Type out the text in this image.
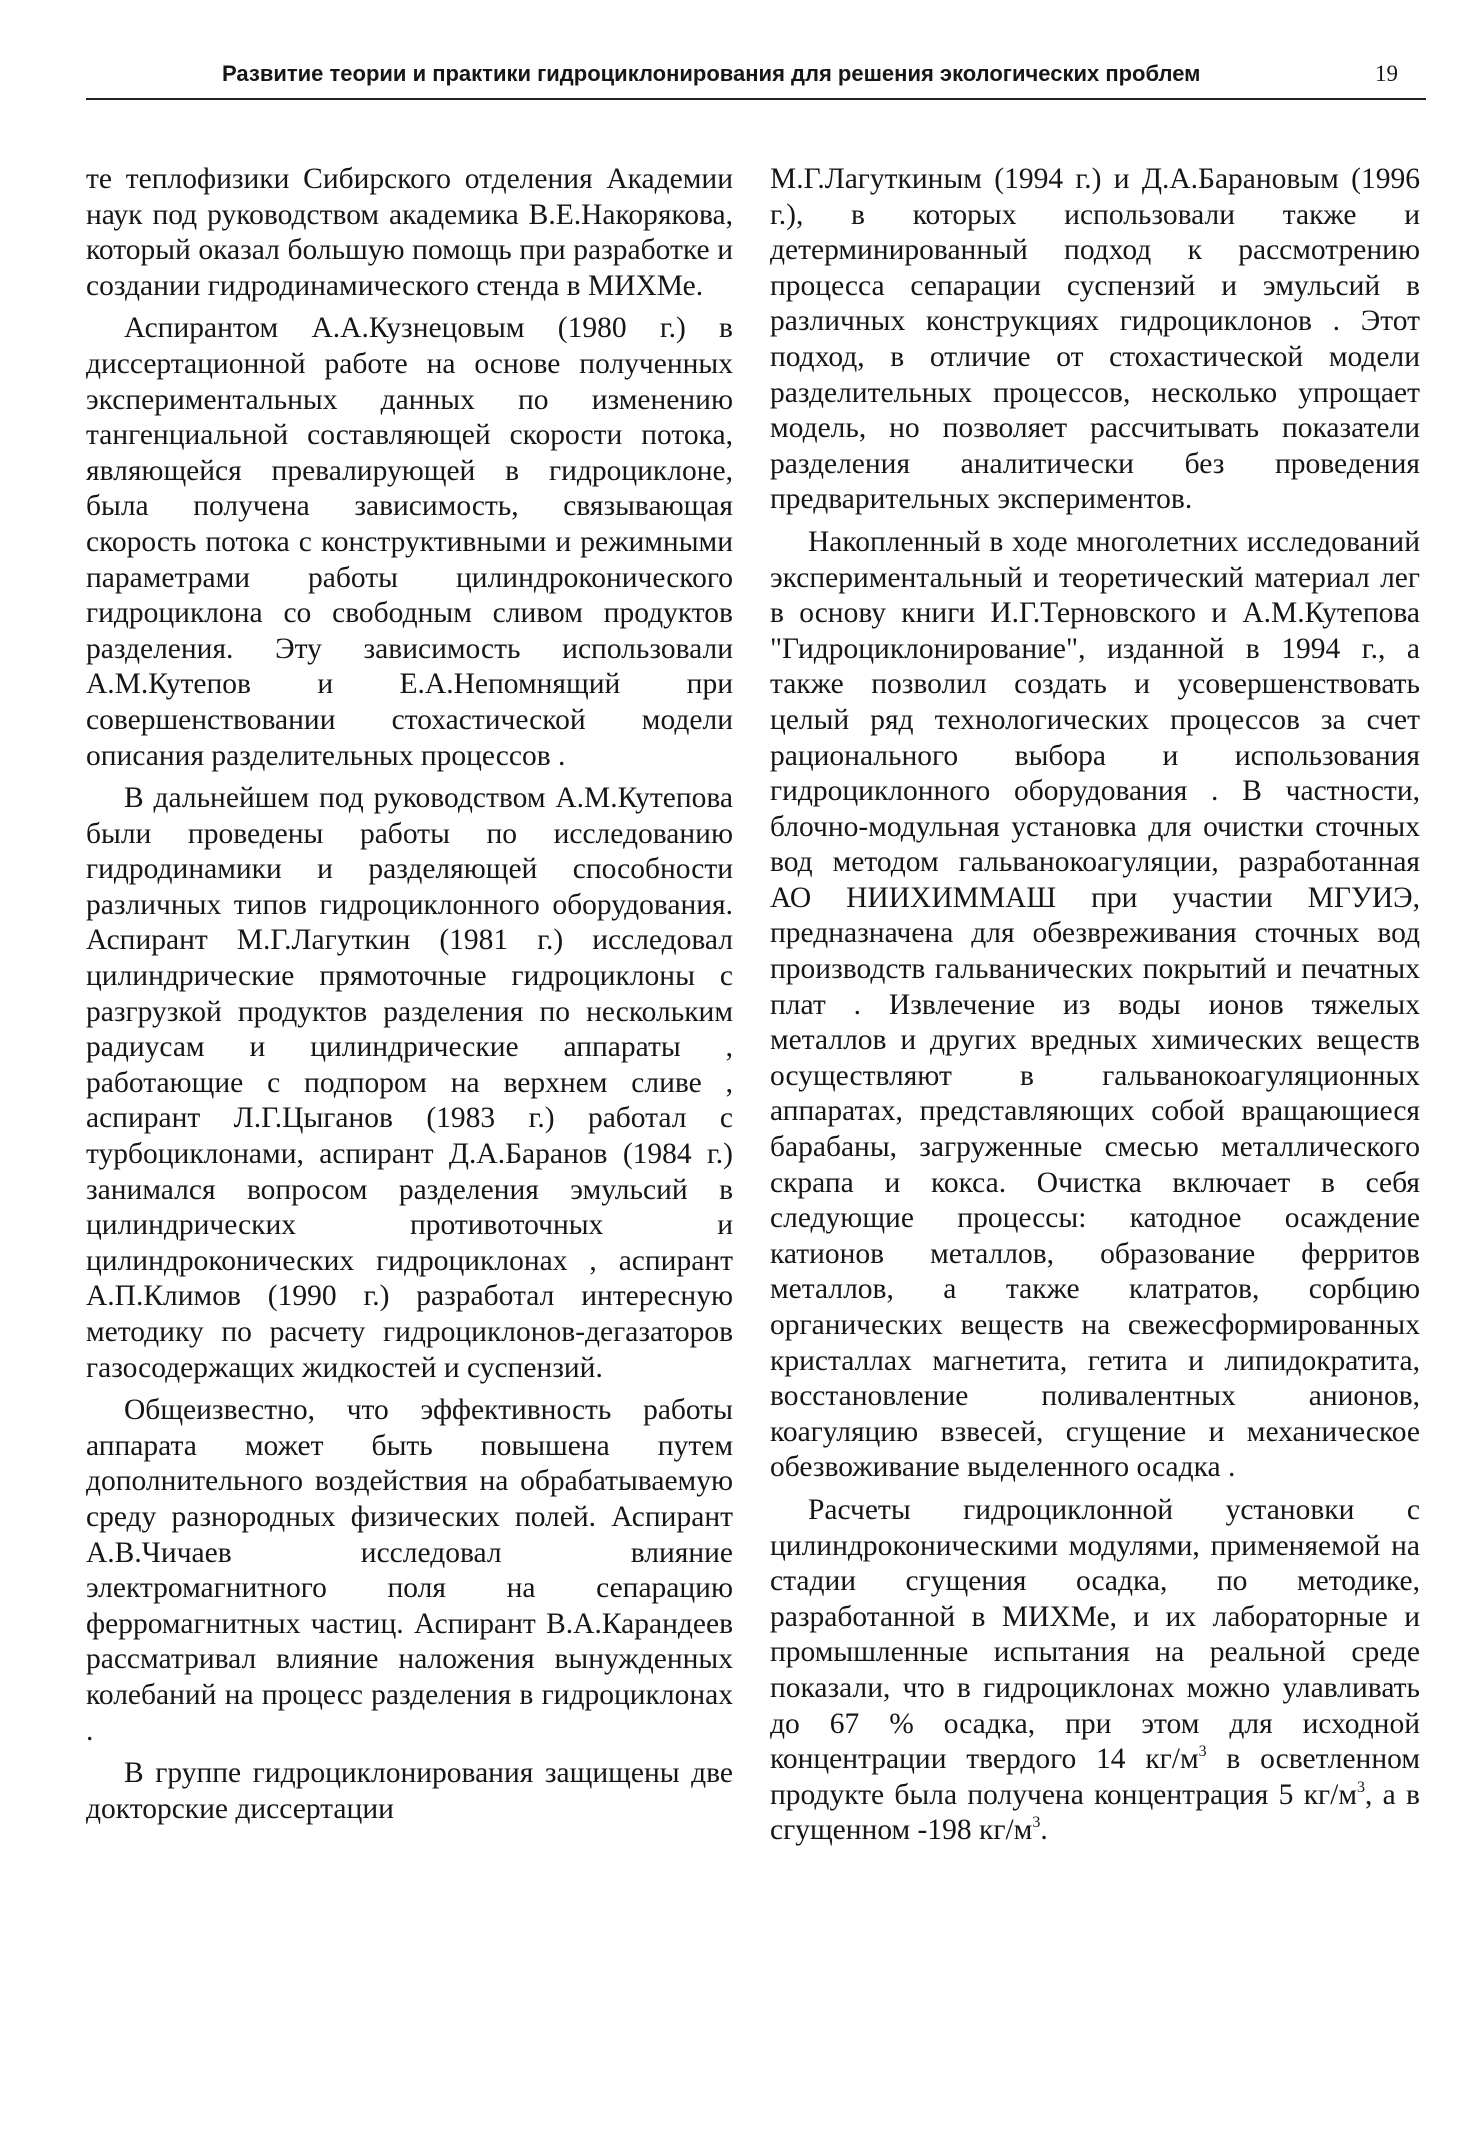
Развитие теории и практики гидроциклонирования для решения экологических проблем	19

те теплофизики Сибирского отделения Академии наук под руководством академика В.Е.Накорякова, который оказал большую помощь при разработке и создании гидродинамического стенда в МИХМе.

Аспирантом А.А.Кузнецовым (1980 г.) в диссертационной работе на основе полученных экспериментальных данных по изменению тангенциальной составляющей скорости потока, являющейся превалирующей в гидроциклоне, была получена зависимость, связывающая скорость потока с конструктивными и режимными параметрами работы цилиндроконического гидроциклона со свободным сливом продуктов разделения. Эту зависимость использовали А.М.Кутепов и Е.А.Непомнящий при совершенствовании стохастической модели описания разделительных процессов .

В дальнейшем под руководством А.М.Кутепова были проведены работы по исследованию гидродинамики и разделяющей способности различных типов гидроциклонного оборудования. Аспирант М.Г.Лагуткин (1981 г.) исследовал цилиндрические прямоточные гидроциклоны с разгрузкой продуктов разделения по нескольким радиусам и цилиндрические аппараты , работающие с подпором на верхнем сливе , аспирант Л.Г.Цыганов (1983 г.) работал с турбоциклонами, аспирант Д.А.Баранов (1984 г.) занимался вопросом разделения эмульсий в цилиндрических противоточных и цилиндроконических гидроциклонах , аспирант А.П.Климов (1990 г.) разработал интересную методику по расчету гидроциклонов-дегазаторов газосодержащих жидкостей и суспензий.

Общеизвестно, что эффективность работы аппарата может быть повышена путем дополнительного воздействия на обрабатываемую среду разнородных физических полей. Аспирант А.В.Чичаев исследовал влияние электромагнитного поля на сепарацию ферромагнитных частиц. Аспирант В.А.Карандеев рассматривал влияние наложения вынужденных колебаний на процесс разделения в гидроциклонах .

В группе гидроциклонирования защищены две докторские диссертации

М.Г.Лагуткиным (1994 г.) и Д.А.Барановым (1996 г.), в которых использовали также и детерминированный подход к рассмотрению процесса сепарации суспензий и эмульсий в различных конструкциях гидроциклонов . Этот подход, в отличие от стохастической модели разделительных процессов, несколько упрощает модель, но позволяет рассчитывать показатели разделения аналитически без проведения предварительных экспериментов.

Накопленный в ходе многолетних исследований экспериментальный и теоретический материал лег в основу книги И.Г.Терновского и А.М.Кутепова "Гидроциклонирование", изданной в 1994 г., а также позволил создать и усовершенствовать целый ряд технологических процессов за счет рационального выбора и использования гидроциклонного оборудования . В частности, блочно-модульная установка для очистки сточных вод методом гальванокоагуляции, разработанная АО НИИХИММАШ при участии МГУИЭ, предназначена для обезвреживания сточных вод производств гальванических покрытий и печатных плат . Извлечение из воды ионов тяжелых металлов и других вредных химических веществ осуществляют в гальванокоагуляционных аппаратах, представляющих собой вращающиеся барабаны, загруженные смесью металлического скрапа и кокса. Очистка включает в себя следующие процессы: катодное осаждение катионов металлов, образование ферритов металлов, а также клатратов, сорбцию органических веществ на свежесформированных кристаллах магнетита, гетита и липидократита, восстановление поливалентных анионов, коагуляцию взвесей, сгущение и механическое обезвоживание выделенного осадка .

Расчеты гидроциклонной установки с цилиндроконическими модулями, применяемой на стадии сгущения осадка, по методике, разработанной в МИХМе, и их лабораторные и промышленные испытания на реальной среде показали, что в гидроциклонах можно улавливать до 67 % осадка, при этом для исходной концентрации твердого 14 $кг/м^3$ в осветленном продукте была получена концентрация 5 $кг/м^3$, а в сгущенном -198 $кг/м^3$.
